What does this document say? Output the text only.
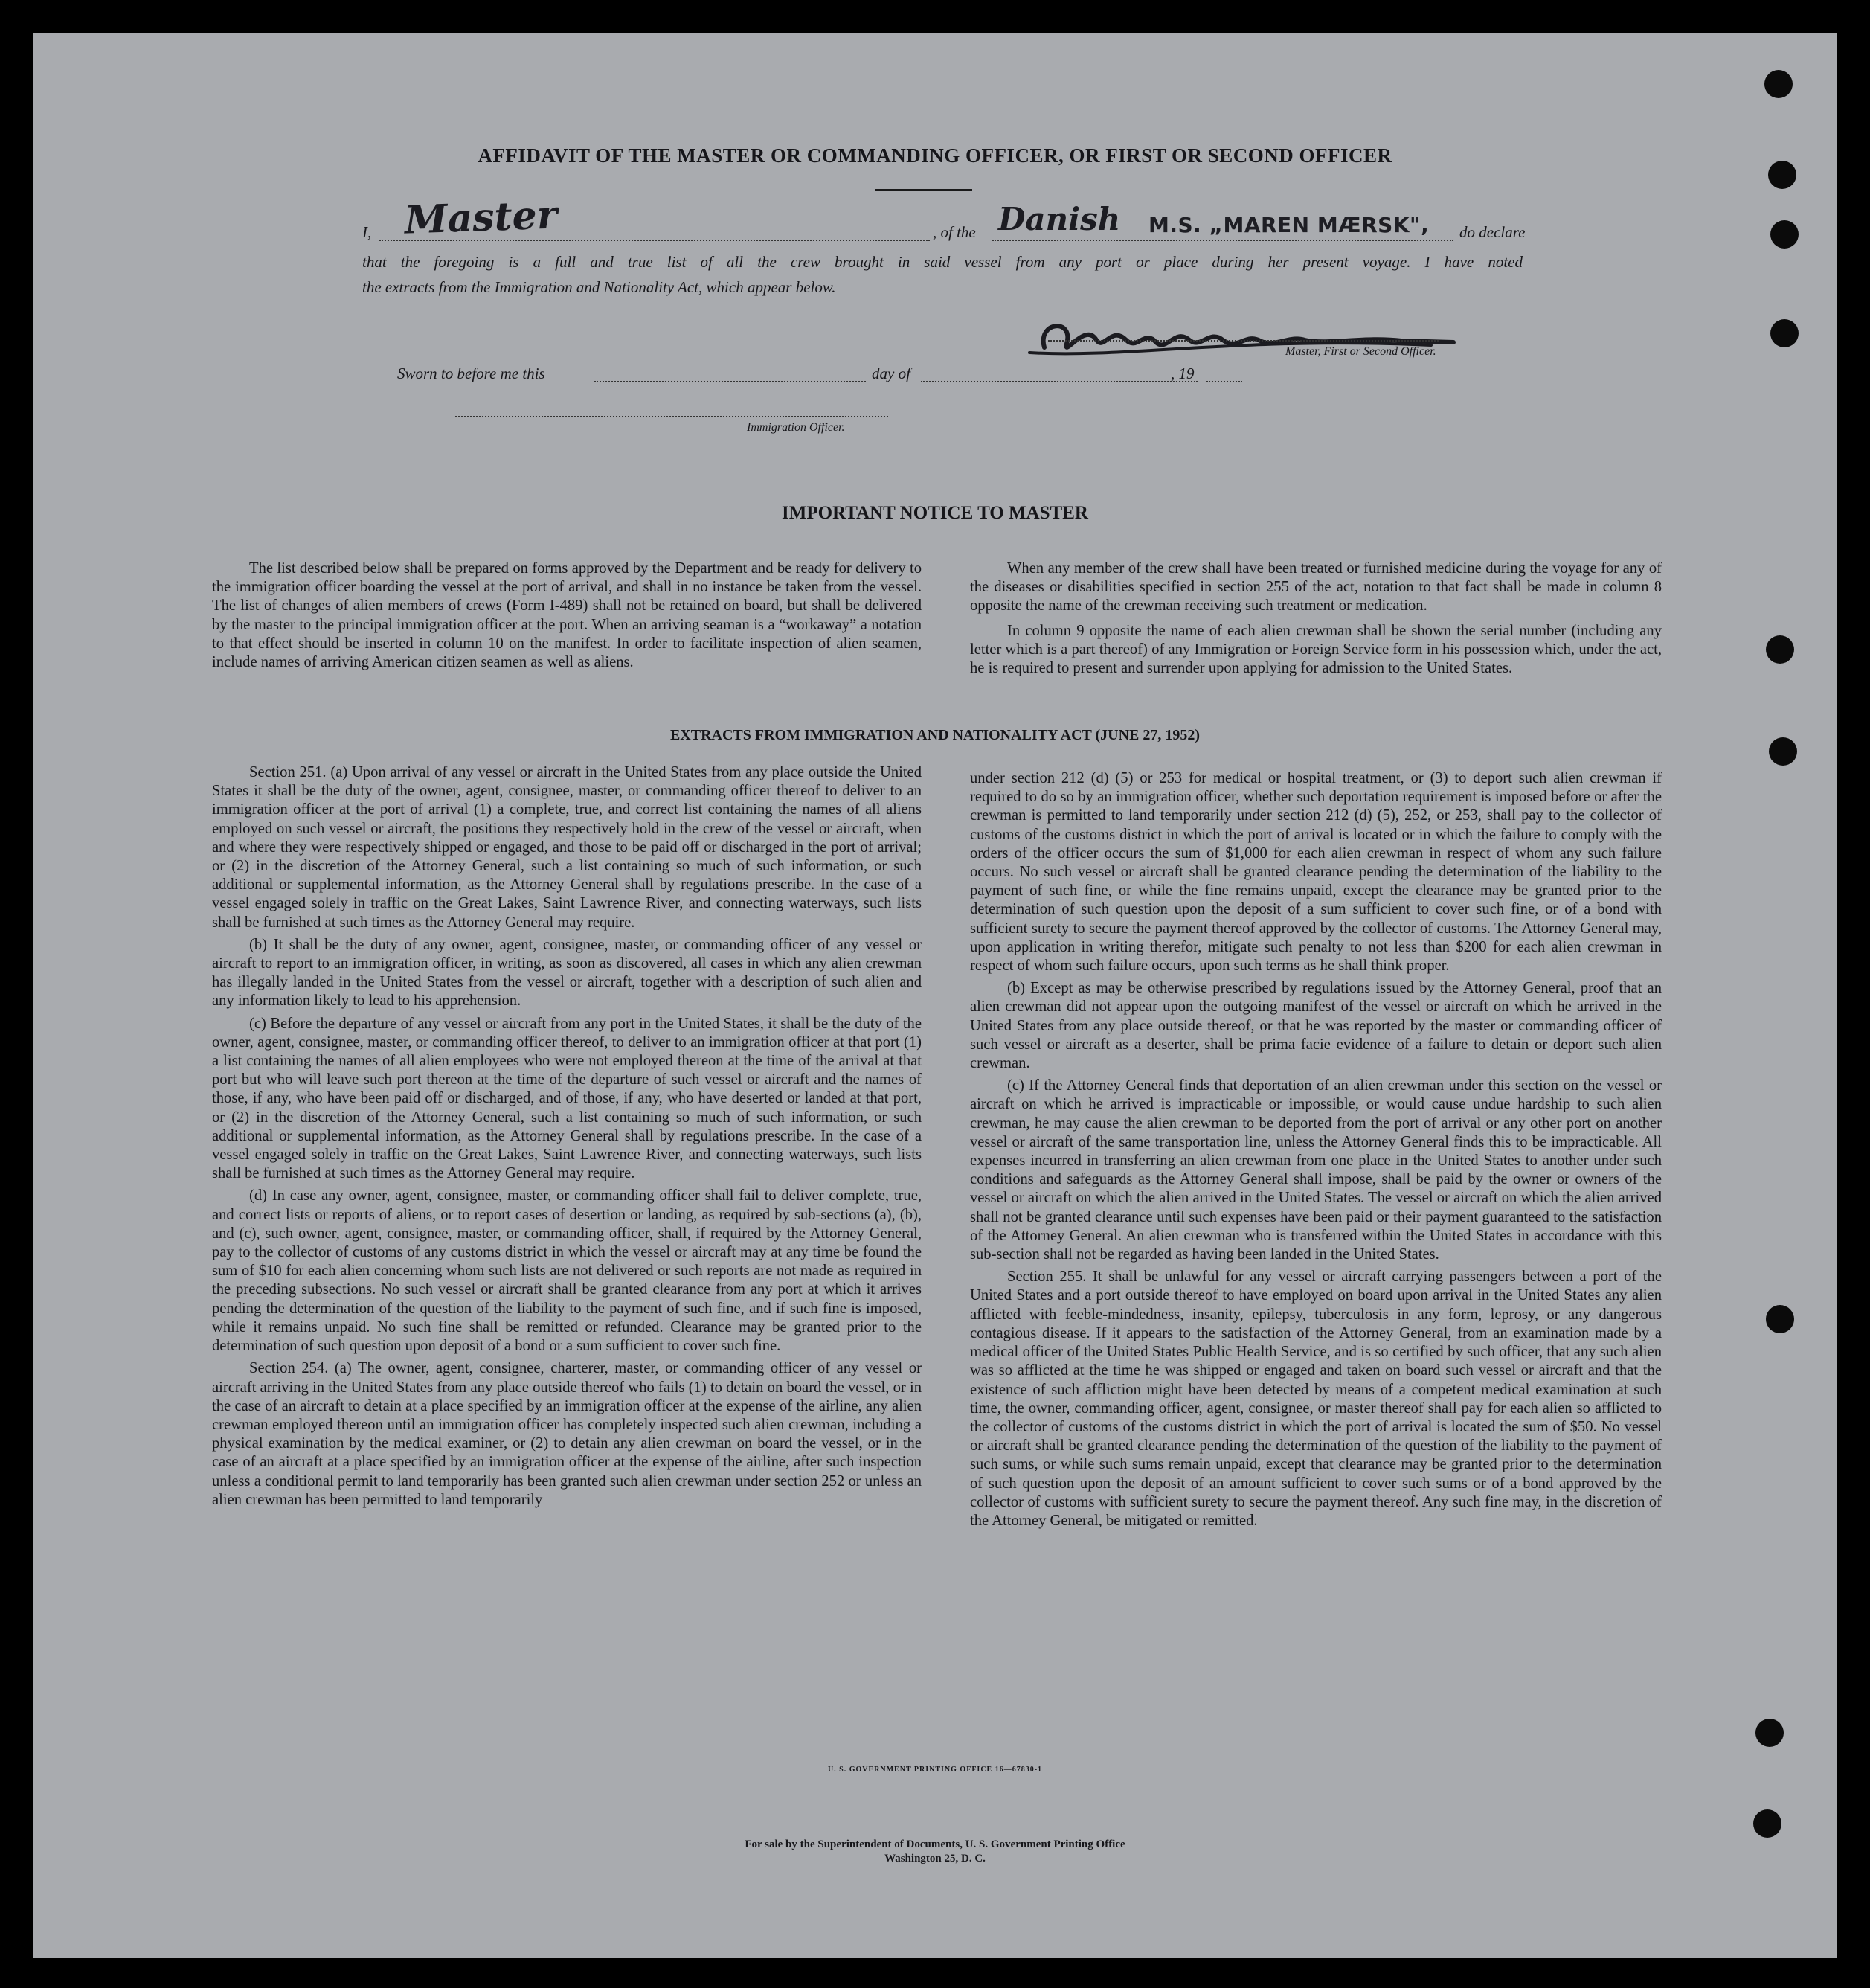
AFFIDAVIT OF THE MASTER OR COMMANDING OFFICER, OR FIRST OR SECOND OFFICER
I, Master	, of the Danish M.S. „MAREN MÆRSK", do declare
that the foregoing is a full and true list of all the crew brought in said vessel from any port or place during her present voyage. I have noted
the extracts from the Immigration and Nationality Act, which appear below.
Master, First or Second Officer.
Sworn to before me this	day of	, 19
Immigration Officer.
IMPORTANT NOTICE TO MASTER

The list described below shall be prepared on forms approved by the Department and be ready for delivery to the immigration officer boarding the vessel at the port of arrival, and shall in no instance be taken from the vessel. The list of changes of alien members of crews (Form I-489) shall not be retained on board, but shall be delivered by the master to the principal immigration officer at the port. When an arriving seaman is a “workaway” a notation to that effect should be inserted in column 10 on the manifest. In order to facilitate inspection of alien seamen, include names of arriving American citizen seamen as well as aliens.

When any member of the crew shall have been treated or furnished medicine during the voyage for any of the diseases or disabilities specified in section 255 of the act, notation to that fact shall be made in column 8 opposite the name of the crewman receiving such treatment or medication.

In column 9 opposite the name of each alien crewman shall be shown the serial number (including any letter which is a part thereof) of any Immigration or Foreign Service form in his possession which, under the act, he is required to present and surrender upon applying for admission to the United States.

EXTRACTS FROM IMMIGRATION AND NATIONALITY ACT (JUNE 27, 1952)

Section 251. (a) Upon arrival of any vessel or aircraft in the United States from any place outside the United States it shall be the duty of the owner, agent, consignee, master, or commanding officer thereof to deliver to an immigration officer at the port of arrival (1) a complete, true, and correct list containing the names of all aliens employed on such vessel or aircraft, the positions they respectively hold in the crew of the vessel or aircraft, when and where they were respectively shipped or engaged, and those to be paid off or discharged in the port of arrival; or (2) in the discretion of the Attorney General, such a list containing so much of such information, or such additional or supplemental information, as the Attorney General shall by regulations prescribe. In the case of a vessel engaged solely in traffic on the Great Lakes, Saint Lawrence River, and connecting waterways, such lists shall be furnished at such times as the Attorney General may require.

(b) It shall be the duty of any owner, agent, consignee, master, or commanding officer of any vessel or aircraft to report to an immigration officer, in writing, as soon as discovered, all cases in which any alien crewman has illegally landed in the United States from the vessel or aircraft, together with a description of such alien and any information likely to lead to his apprehension.

(c) Before the departure of any vessel or aircraft from any port in the United States, it shall be the duty of the owner, agent, consignee, master, or commanding officer thereof, to deliver to an immigration officer at that port (1) a list containing the names of all alien employees who were not employed thereon at the time of the arrival at that port but who will leave such port thereon at the time of the departure of such vessel or aircraft and the names of those, if any, who have been paid off or discharged, and of those, if any, who have deserted or landed at that port, or (2) in the discretion of the Attorney General, such a list containing so much of such information, or such additional or supplemental information, as the Attorney General shall by regulations prescribe. In the case of a vessel engaged solely in traffic on the Great Lakes, Saint Lawrence River, and connecting waterways, such lists shall be furnished at such times as the Attorney General may require.

(d) In case any owner, agent, consignee, master, or commanding officer shall fail to deliver complete, true, and correct lists or reports of aliens, or to report cases of desertion or landing, as required by sub-sections (a), (b), and (c), such owner, agent, consignee, master, or commanding officer, shall, if required by the Attorney General, pay to the collector of customs of any customs district in which the vessel or aircraft may at any time be found the sum of $10 for each alien concerning whom such lists are not delivered or such reports are not made as required in the preceding subsections. No such vessel or aircraft shall be granted clearance from any port at which it arrives pending the determination of the question of the liability to the payment of such fine, and if such fine is imposed, while it remains unpaid. No such fine shall be remitted or refunded. Clearance may be granted prior to the determination of such question upon deposit of a bond or a sum sufficient to cover such fine.

Section 254. (a) The owner, agent, consignee, charterer, master, or commanding officer of any vessel or aircraft arriving in the United States from any place outside thereof who fails (1) to detain on board the vessel, or in the case of an aircraft to detain at a place specified by an immigration officer at the expense of the airline, any alien crewman employed thereon until an immigration officer has completely inspected such alien crewman, including a physical examination by the medical examiner, or (2) to detain any alien crewman on board the vessel, or in the case of an aircraft at a place specified by an immigration officer at the expense of the airline, after such inspection unless a conditional permit to land temporarily has been granted such alien crewman under section 252 or unless an alien crewman has been permitted to land temporarily

under section 212 (d) (5) or 253 for medical or hospital treatment, or (3) to deport such alien crewman if required to do so by an immigration officer, whether such deportation requirement is imposed before or after the crewman is permitted to land temporarily under section 212 (d) (5), 252, or 253, shall pay to the collector of customs of the customs district in which the port of arrival is located or in which the failure to comply with the orders of the officer occurs the sum of $1,000 for each alien crewman in respect of whom any such failure occurs. No such vessel or aircraft shall be granted clearance pending the determination of the liability to the payment of such fine, or while the fine remains unpaid, except the clearance may be granted prior to the determination of such question upon the deposit of a sum sufficient to cover such fine, or of a bond with sufficient surety to secure the payment thereof approved by the collector of customs. The Attorney General may, upon application in writing therefor, mitigate such penalty to not less than $200 for each alien crewman in respect of whom such failure occurs, upon such terms as he shall think proper.

(b) Except as may be otherwise prescribed by regulations issued by the Attorney General, proof that an alien crewman did not appear upon the outgoing manifest of the vessel or aircraft on which he arrived in the United States from any place outside thereof, or that he was reported by the master or commanding officer of such vessel or aircraft as a deserter, shall be prima facie evidence of a failure to detain or deport such alien crewman.

(c) If the Attorney General finds that deportation of an alien crewman under this section on the vessel or aircraft on which he arrived is impracticable or impossible, or would cause undue hardship to such alien crewman, he may cause the alien crewman to be deported from the port of arrival or any other port on another vessel or aircraft of the same transportation line, unless the Attorney General finds this to be impracticable. All expenses incurred in transferring an alien crewman from one place in the United States to another under such conditions and safeguards as the Attorney General shall impose, shall be paid by the owner or owners of the vessel or aircraft on which the alien arrived in the United States. The vessel or aircraft on which the alien arrived shall not be granted clearance until such expenses have been paid or their payment guaranteed to the satisfaction of the Attorney General. An alien crewman who is transferred within the United States in accordance with this sub-section shall not be regarded as having been landed in the United States.

Section 255. It shall be unlawful for any vessel or aircraft carrying passengers between a port of the United States and a port outside thereof to have employed on board upon arrival in the United States any alien afflicted with feeble-mindedness, insanity, epilepsy, tuberculosis in any form, leprosy, or any dangerous contagious disease. If it appears to the satisfaction of the Attorney General, from an examination made by a medical officer of the United States Public Health Service, and is so certified by such officer, that any such alien was so afflicted at the time he was shipped or engaged and taken on board such vessel or aircraft and that the existence of such affliction might have been detected by means of a competent medical examination at such time, the owner, commanding officer, agent, consignee, or master thereof shall pay for each alien so afflicted to the collector of customs of the customs district in which the port of arrival is located the sum of $50. No vessel or aircraft shall be granted clearance pending the determination of the question of the liability to the payment of such sums, or while such sums remain unpaid, except that clearance may be granted prior to the determination of such question upon the deposit of an amount sufficient to cover such sums or of a bond approved by the collector of customs with sufficient surety to secure the payment thereof. Any such fine may, in the discretion of the Attorney General, be mitigated or remitted.

U. S. GOVERNMENT PRINTING OFFICE 16—67830-1
For sale by the Superintendent of Documents, U. S. Government Printing Office
Washington 25, D. C.
